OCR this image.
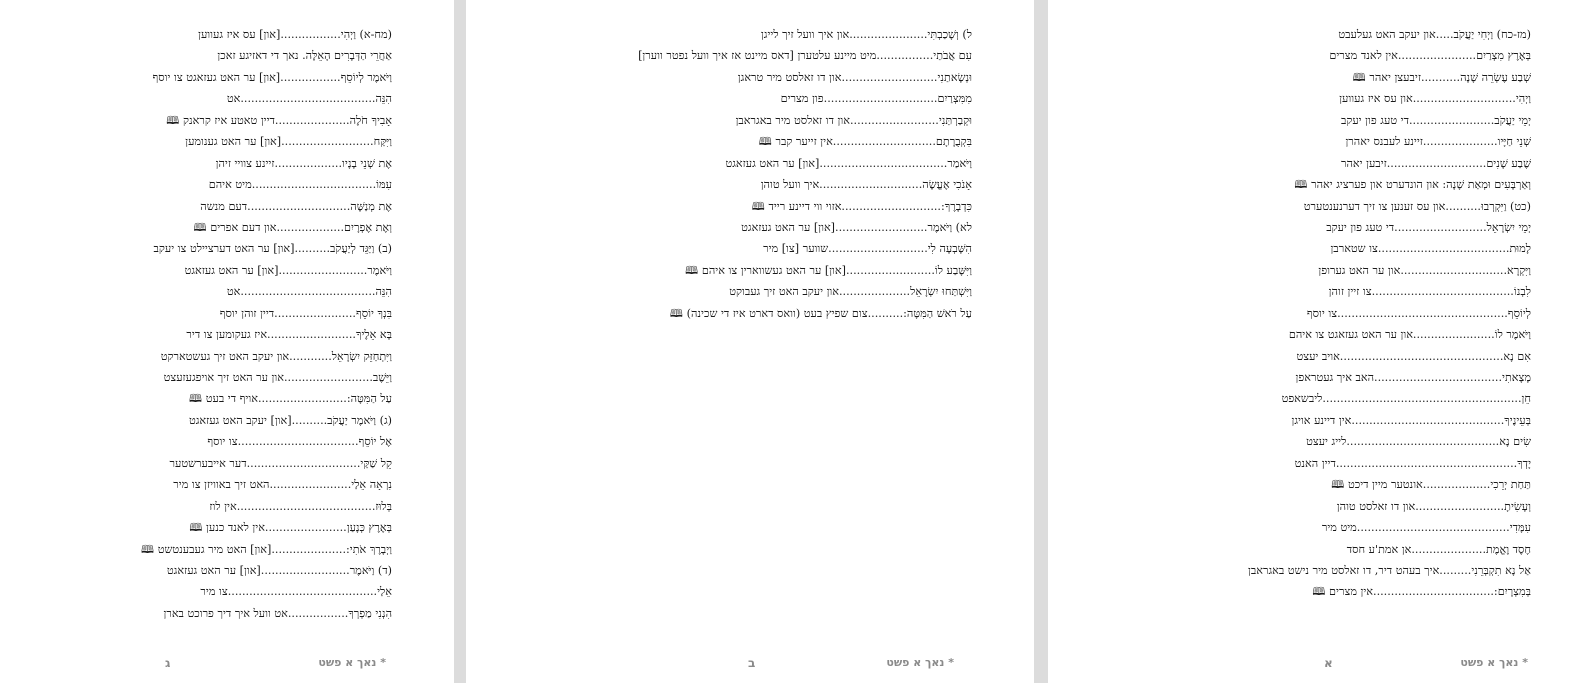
(מח-א) וַיְהִי.................[און] עס איז געווען
אַחֲרֵי הַדְּבָרִים הָאֵלֶּה. נאך די דאזיגע זאכן
וַיֹּאמֶר לְיוֹסֵף.................[און] ער האט געזאגט צו יוסף
הִנֵּה......................................אט
אָבִיךָ חֹלֶה.....................דיין טאטע איז קראנק 🕮
וַיִּקַּח..........................[און] ער האט גענומען
אֶת שְׁנֵי בָנָיו...................זיינע צוויי זיהן
עִמּוֹ...................................מיט איהם
אֶת מְנַשֶּׁה.............................דעם מנשה
וְאֶת אֶפְרָיִם...................און דעם אפרים 🕮
(ב) וַיַּגֵּד לְיַעֲקֹב..........[און] ער האט דערציילט צו יעקב
וַיֹּאמֶר.........................[און] ער האט געזאגט
הִנֵּה......................................אט
בִּנְךָ יוֹסֵף.......................דיין זוהן יוסף
בָּא אֵלֶיךָ.........................איז געקומען צו דיר
וַיִּתְחַזֵּק יִשְׂרָאֵל............און יעקב האט זיך געשטארקט
וַיֵּשֶׁב.........................און ער האט זיך אויפגעזעצט
עַל הַמִּטָּה:.........................אויף די בעט 🕮
(ג) וַיֹּאמֶר יַעֲקֹב..........[און] יעקב האט געזאגט
אֶל יוֹסֵף..................................צו יוסף
קֵל שַׁקַּי................................דער אייבערשטער
נִרְאָה אֵלַי.......................האט זיך באוויזן צו מיר
בְּלוּז.......................................אין לוז
בְּאֶרֶץ כְּנָעַן.......................אין לאנד כנען 🕮
וַיְבָרֶךְ אֹתִי:.....................[און] האט מיר געבענטשט 🕮
(ד) וַיֹּאמֶר.........................[און] ער האט געזאגט
אֵלַי..........................................צו מיר
הִנְנִי מַפְרְךָ.................אט וועל איך דיך פרוכט בארן
* נאך א פשט
ג
ל) וְשָׁכַבְתִּי......................און איך וועל זיך לייגן
עִם אֲבֹתַי................מיט מיינע עלטערן [דאס מיינט אז איך וועל נפטר ווערן]
וּנְשָׂאתַנִי...........................און דו זאלסט מיר טראגן
מִמִּצְרַיִם................................פון מצרים
וּקְבַרְתַּנִי.........................און דו זאלסט מיר באגראבן
בִּקְבֻרָתָם.............................אין זייער קבר 🕮
וַיֹּאמַר....................................[און] ער האט געזאגט
אָנֹכִי אֶעֱשֶׂה.............................איך וועל טוהן
כִּדְבָרֶךָ:............................אזוי ווי דיינע רייד 🕮
לא) וַיֹּאמֶר..........................[און] ער האט געזאגט
הִשָּׁבְעָה לִי............................שווער [צו] מיר
וַיִּשָּׁבַע לוֹ.........................[און] ער האט געשווארין צו איהם 🕮
וַיִּשְׁתַּחוּ יִשְׂרָאֵל....................און יעקב האט זיך געבוקט
עַל רֹאשׁ הַמִּטָּה:..........צום שפיץ בעט (וואס דארט איז די שכינה) 🕮
* נאך א פשט
ב
(מז-כח) וַיְחִי יַעֲקֹב.....און יעקב האט געלעבט
בְּאֶרֶץ מִצְרַיִם......................אין לאנד מצרים
שְׁבַע עֶשְׂרֵה שָׁנָה...........זיבעצן יאהר 🕮
וַיְהִי.............................און עס איז געווען
יְמֵי יַעֲקֹב........................די טעג פון יעקב
שְׁנֵי חַיָּיו.....................זיינע לעבנס יאהרן
שֶׁבַע שָׁנִים............................זיבען יאהר
וְאַרְבָּעִים וּמְאַת שָׁנָה: און הונדערט און פערציג יאהר 🕮
(כט) וַיִּקְרְבוּ..........און עס זענען צו זיך דערנענטערט
יְמֵי יִשְׂרָאֵל..........................די טעג פון יעקב
לָמוּת.....................................צו שטארבן
וַיִּקְרָא..............................און ער האט גערופן
לִבְנוֹ........................................צו זיין זוהן
לְיוֹסֵף................................................צו יוסף
וַיֹּאמֶר לוֹ.......................און ער האט געזאגט צו איהם
אִם נָא..............................................אויב יעצט
מָצָאתִי....................................האב איך געטראפן
חֵן........................................................ליבשאפט
בְּעֵינֶיךָ...........................................אין דיינע אויגן
שִׂים נָא...........................................לייג יעצט
יָדְךָ...................................................דיין האנט
תַּחַת יְרֵכִי...................אונטער מיין דיכט 🕮
וְעָשִׂיתָ.........................און דו זאלסט טוהן
עִמָּדִי...........................................מיט מיר
חֶסֶד וֶאֱמֶת.....................אן אמת'ע חסד
אַל נָא תִקְבְּרֵנִי.........איך בעהט דיר, דו זאלסט מיר נישט באגראבן
בְּמִצְרָיִם:..................................אין מצרים 🕮
* נאך א פשט
א
